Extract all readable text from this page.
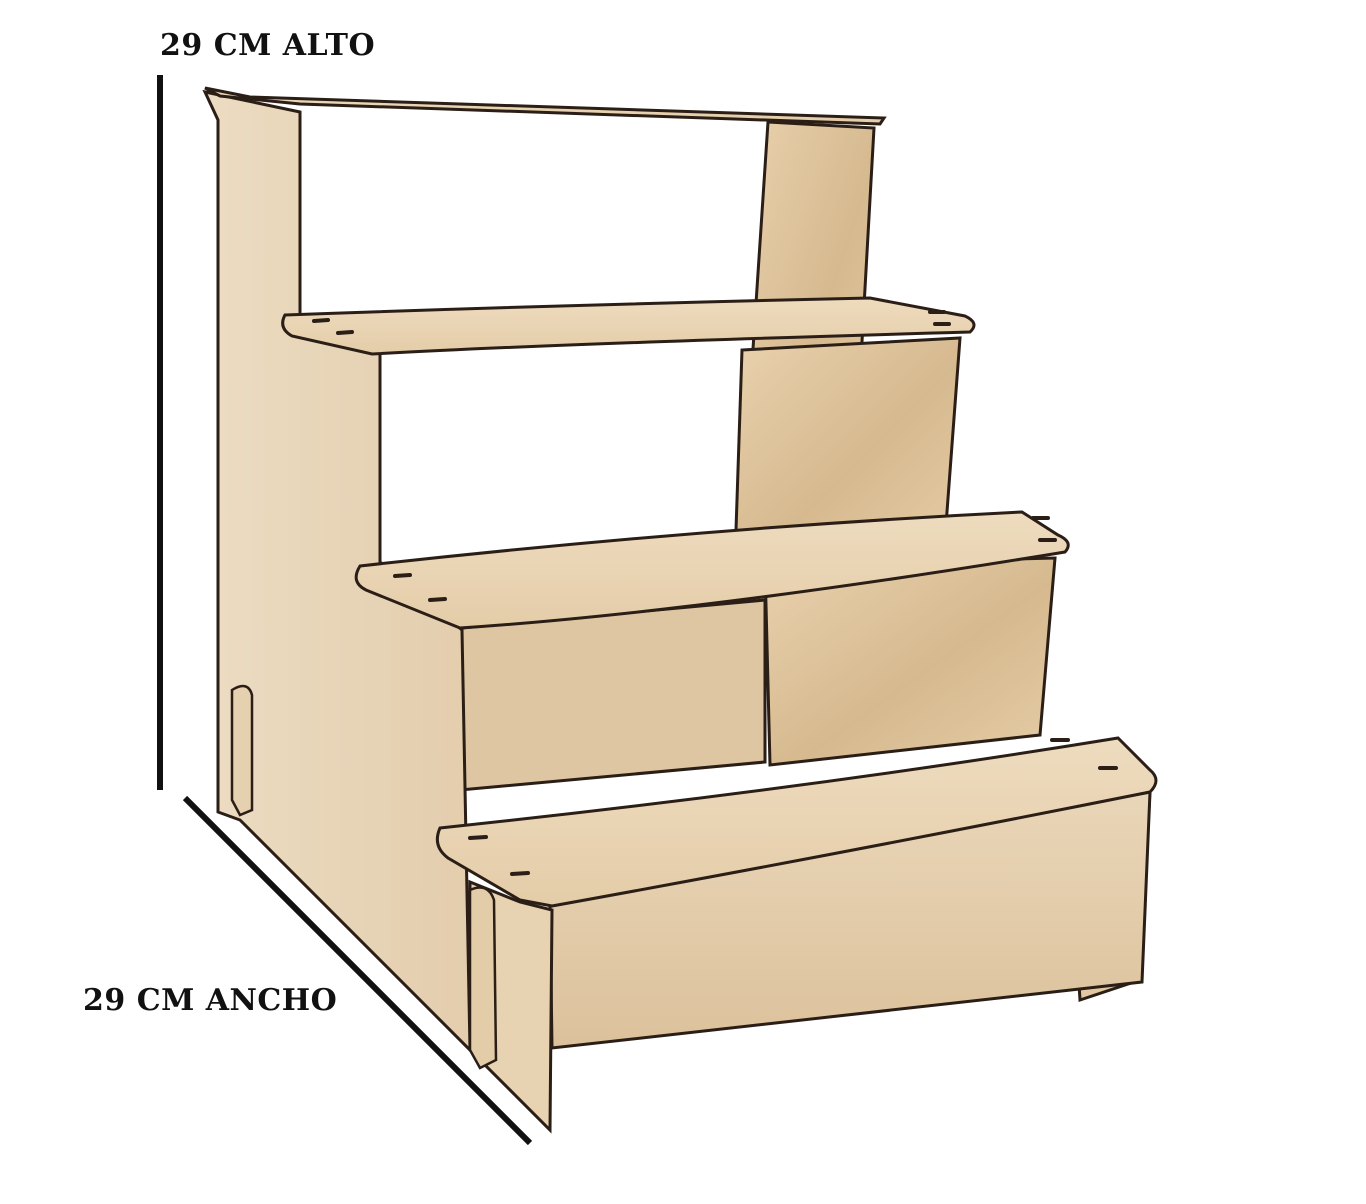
29 CM ALTO
29 CM ANCHO
